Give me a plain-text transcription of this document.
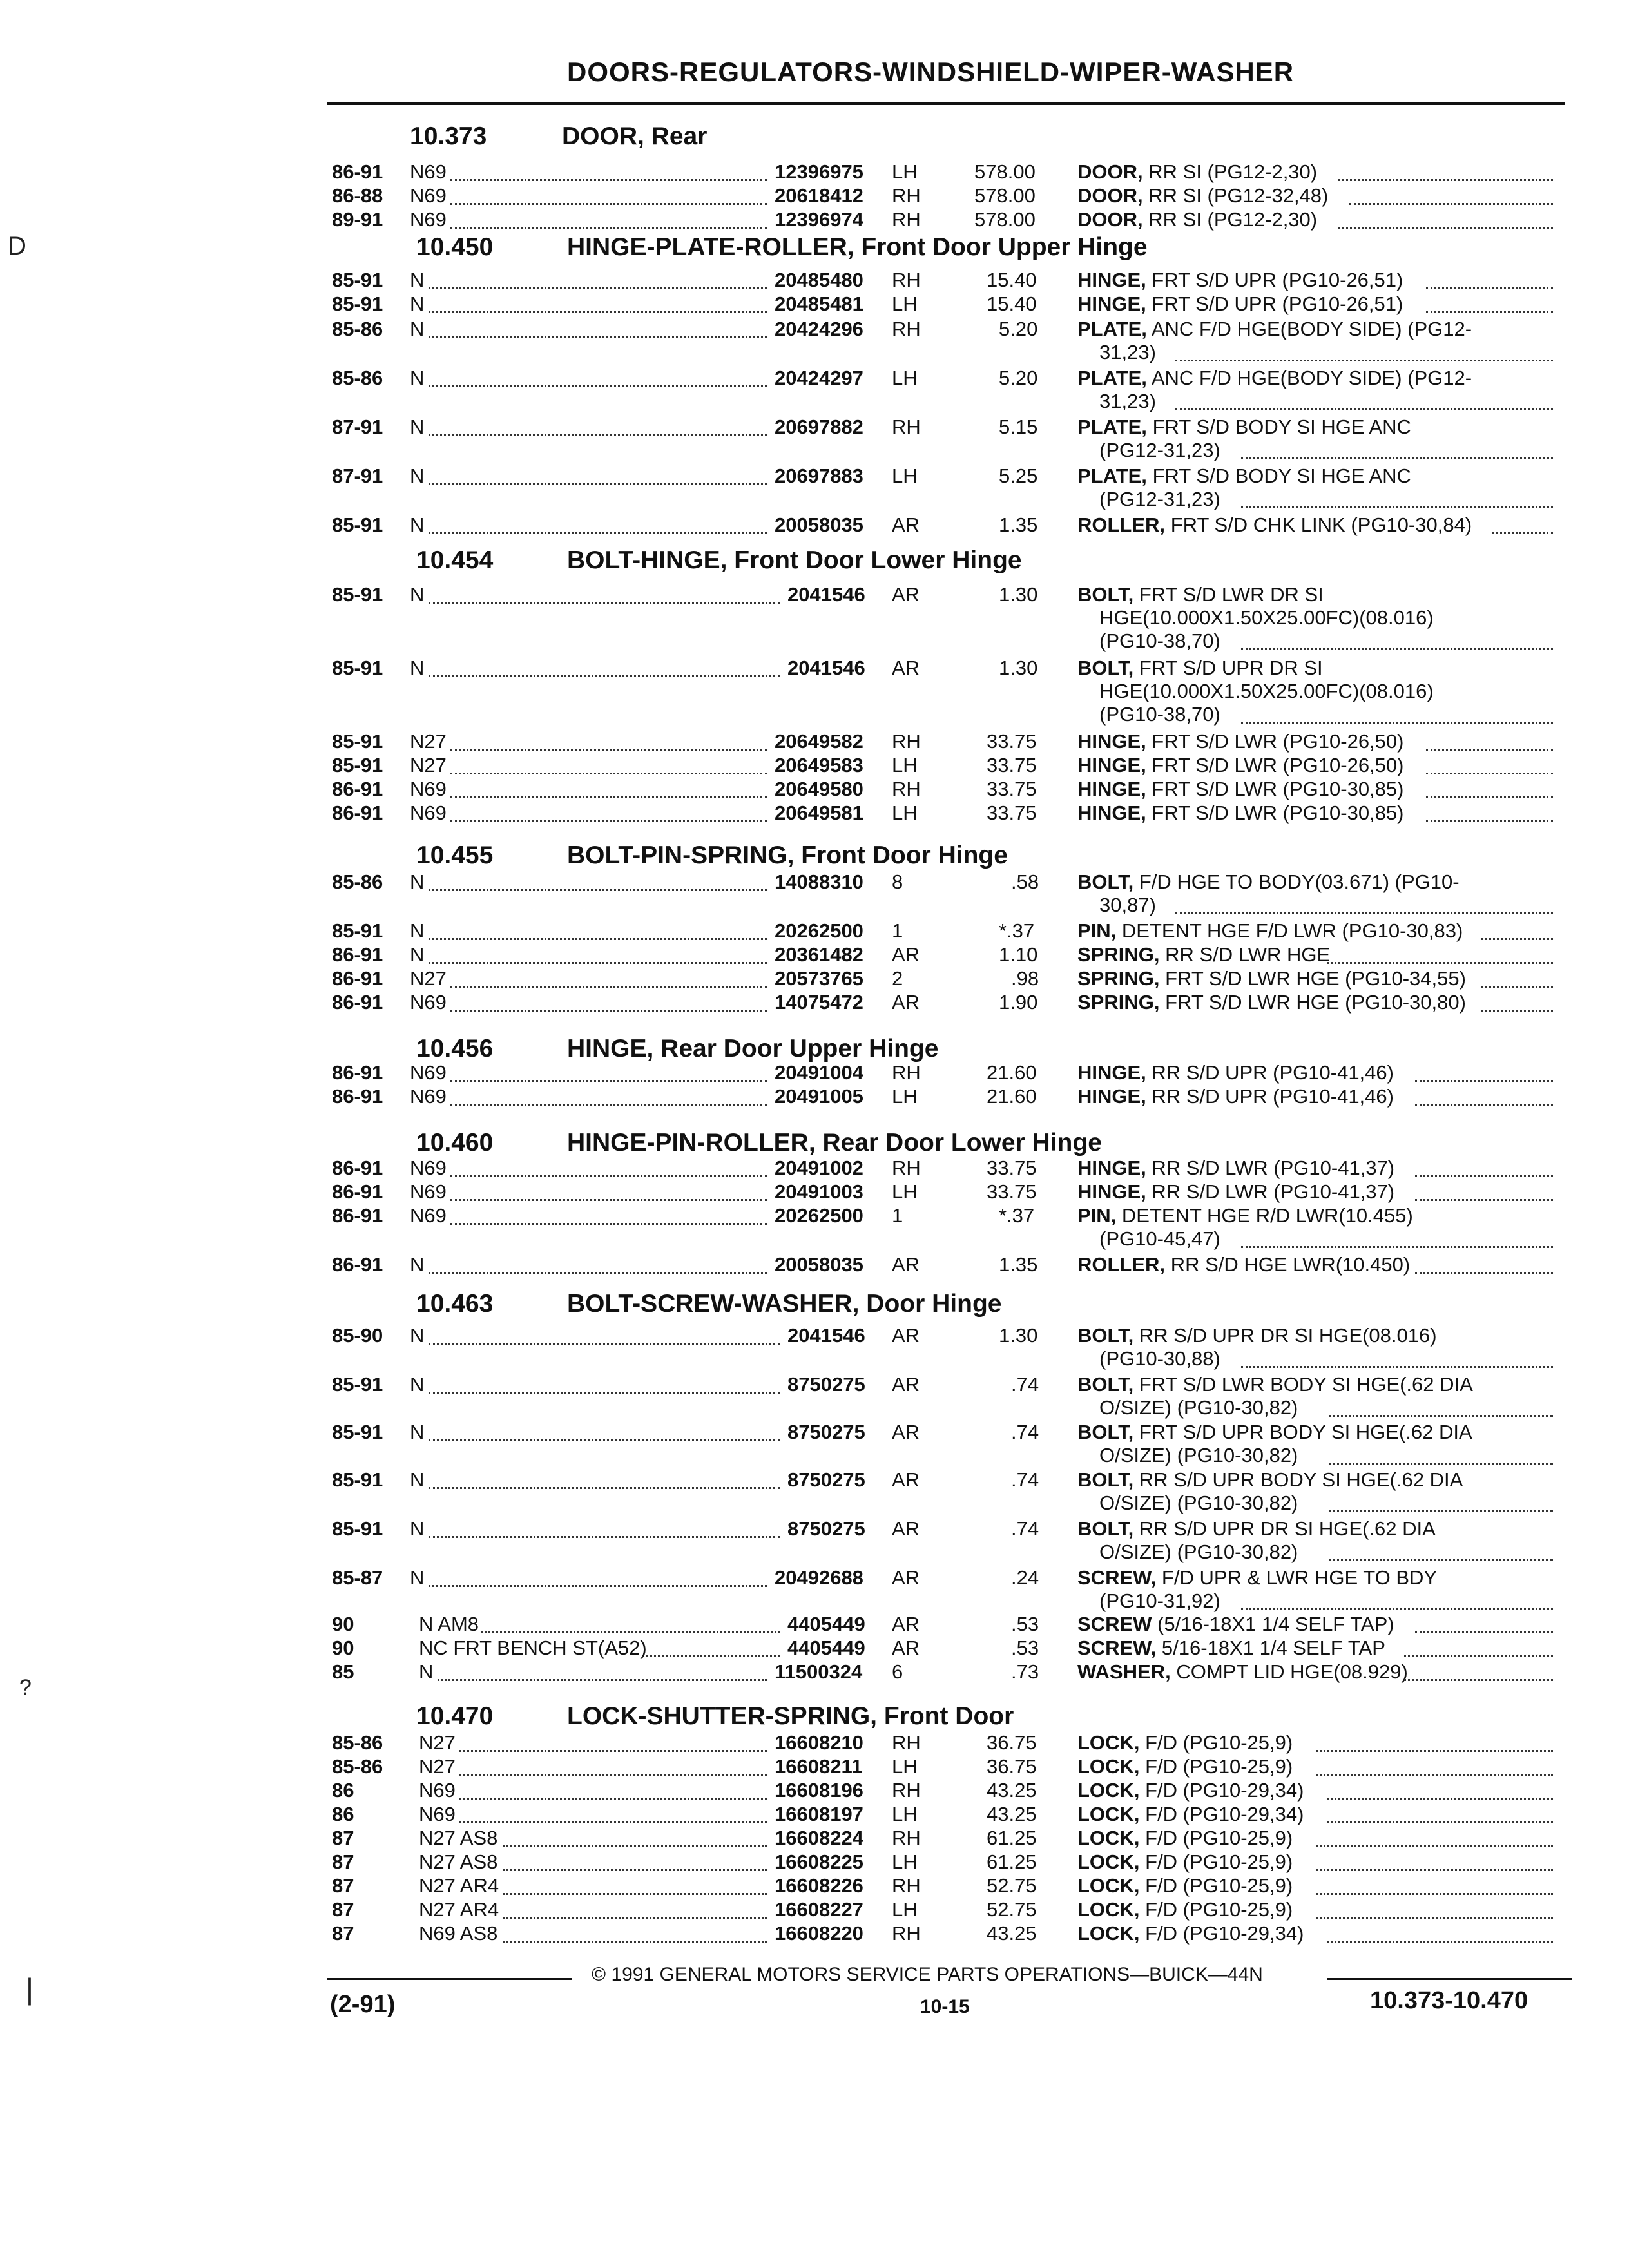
DOORS-REGULATORS-WINDSHIELD-WIPER-WASHER
D
?
|
10.373	DOOR, Rear
86-91 N69	12396975 LH	578.00 DOOR, RR SI (PG12-2,30)
86-88 N69	20618412 RH	578.00 DOOR, RR SI (PG12-32,48)
89-91 N69	12396974 RH	578.00 DOOR, RR SI (PG12-2,30)
10.450	HINGE-PLATE-ROLLER, Front Door Upper Hinge
85-91 N	20485480 RH	15.40 HINGE, FRT S/D UPR (PG10-26,51)
85-91 N	20485481 LH	15.40 HINGE, FRT S/D UPR (PG10-26,51)
85-86 N	20424296 RH	5.20 PLATE, ANC F/D HGE(BODY SIDE) (PG12-
31,23)
85-86 N	20424297 LH	5.20 PLATE, ANC F/D HGE(BODY SIDE) (PG12-
31,23)
87-91 N	20697882 RH	5.15 PLATE, FRT S/D BODY SI HGE ANC
(PG12-31,23)
87-91 N	20697883 LH	5.25 PLATE, FRT S/D BODY SI HGE ANC
(PG12-31,23)
85-91 N	20058035 AR	1.35 ROLLER, FRT S/D CHK LINK (PG10-30,84)
10.454	BOLT-HINGE, Front Door Lower Hinge
85-91 N	2041546 AR	1.30 BOLT, FRT S/D LWR DR SI
HGE(10.000X1.50X25.00FC)(08.016)
(PG10-38,70)
85-91 N	2041546 AR	1.30 BOLT, FRT S/D UPR DR SI
HGE(10.000X1.50X25.00FC)(08.016)
(PG10-38,70)
85-91 N27	20649582 RH	33.75 HINGE, FRT S/D LWR (PG10-26,50)
85-91 N27	20649583 LH	33.75 HINGE, FRT S/D LWR (PG10-26,50)
86-91 N69	20649580 RH	33.75 HINGE, FRT S/D LWR (PG10-30,85)
86-91 N69	20649581 LH	33.75 HINGE, FRT S/D LWR (PG10-30,85)
10.455	BOLT-PIN-SPRING, Front Door Hinge
85-86 N	14088310 8	.58 BOLT, F/D HGE TO BODY(03.671) (PG10-
30,87)
85-91 N	20262500 1	*.37 PIN, DETENT HGE F/D LWR (PG10-30,83)
86-91 N	20361482 AR	1.10 SPRING, RR S/D LWR HGE
86-91 N27	20573765 2	.98 SPRING, FRT S/D LWR HGE (PG10-34,55)
86-91 N69	14075472 AR	1.90 SPRING, FRT S/D LWR HGE (PG10-30,80)
10.456	HINGE, Rear Door Upper Hinge
86-91 N69	20491004 RH	21.60 HINGE, RR S/D UPR (PG10-41,46)
86-91 N69	20491005 LH	21.60 HINGE, RR S/D UPR (PG10-41,46)
10.460	HINGE-PIN-ROLLER, Rear Door Lower Hinge
86-91 N69	20491002 RH	33.75 HINGE, RR S/D LWR (PG10-41,37)
86-91 N69	20491003 LH	33.75 HINGE, RR S/D LWR (PG10-41,37)
86-91 N69	20262500 1	*.37 PIN, DETENT HGE R/D LWR(10.455)
(PG10-45,47)
86-91 N	20058035 AR	1.35 ROLLER, RR S/D HGE LWR(10.450)
10.463	BOLT-SCREW-WASHER, Door Hinge
85-90 N	2041546 AR	1.30 BOLT, RR S/D UPR DR SI HGE(08.016)
(PG10-30,88)
85-91 N	8750275 AR	.74 BOLT, FRT S/D LWR BODY SI HGE(.62 DIA
O/SIZE) (PG10-30,82)
85-91 N	8750275 AR	.74 BOLT, FRT S/D UPR BODY SI HGE(.62 DIA
O/SIZE) (PG10-30,82)
85-91 N	8750275 AR	.74 BOLT, RR S/D UPR BODY SI HGE(.62 DIA
O/SIZE) (PG10-30,82)
85-91 N	8750275 AR	.74 BOLT, RR S/D UPR DR SI HGE(.62 DIA
O/SIZE) (PG10-30,82)
85-87 N	20492688 AR	.24 SCREW, F/D UPR & LWR HGE TO BDY
(PG10-31,92)
90	N AM8	4405449 AR	.53 SCREW (5/16-18X1 1/4 SELF TAP)
90	NC FRT BENCH ST(A52)	4405449 AR	.53 SCREW, 5/16-18X1 1/4 SELF TAP
85	N	11500324 6	.73 WASHER, COMPT LID HGE(08.929)
10.470	LOCK-SHUTTER-SPRING, Front Door
85-86 N27	16608210 RH	36.75 LOCK, F/D (PG10-25,9)
85-86 N27	16608211 LH	36.75 LOCK, F/D (PG10-25,9)
86	N69	16608196 RH	43.25 LOCK, F/D (PG10-29,34)
86	N69	16608197 LH	43.25 LOCK, F/D (PG10-29,34)
87	N27 AS8	16608224 RH	61.25 LOCK, F/D (PG10-25,9)
87	N27 AS8	16608225 LH	61.25 LOCK, F/D (PG10-25,9)
87	N27 AR4	16608226 RH	52.75 LOCK, F/D (PG10-25,9)
87	N27 AR4	16608227 LH	52.75 LOCK, F/D (PG10-25,9)
87	N69 AS8	16608220 RH	43.25 LOCK, F/D (PG10-29,34)
© 1991 GENERAL MOTORS SERVICE PARTS OPERATIONS—BUICK—44N
(2-91)	10-15	10.373-10.470
